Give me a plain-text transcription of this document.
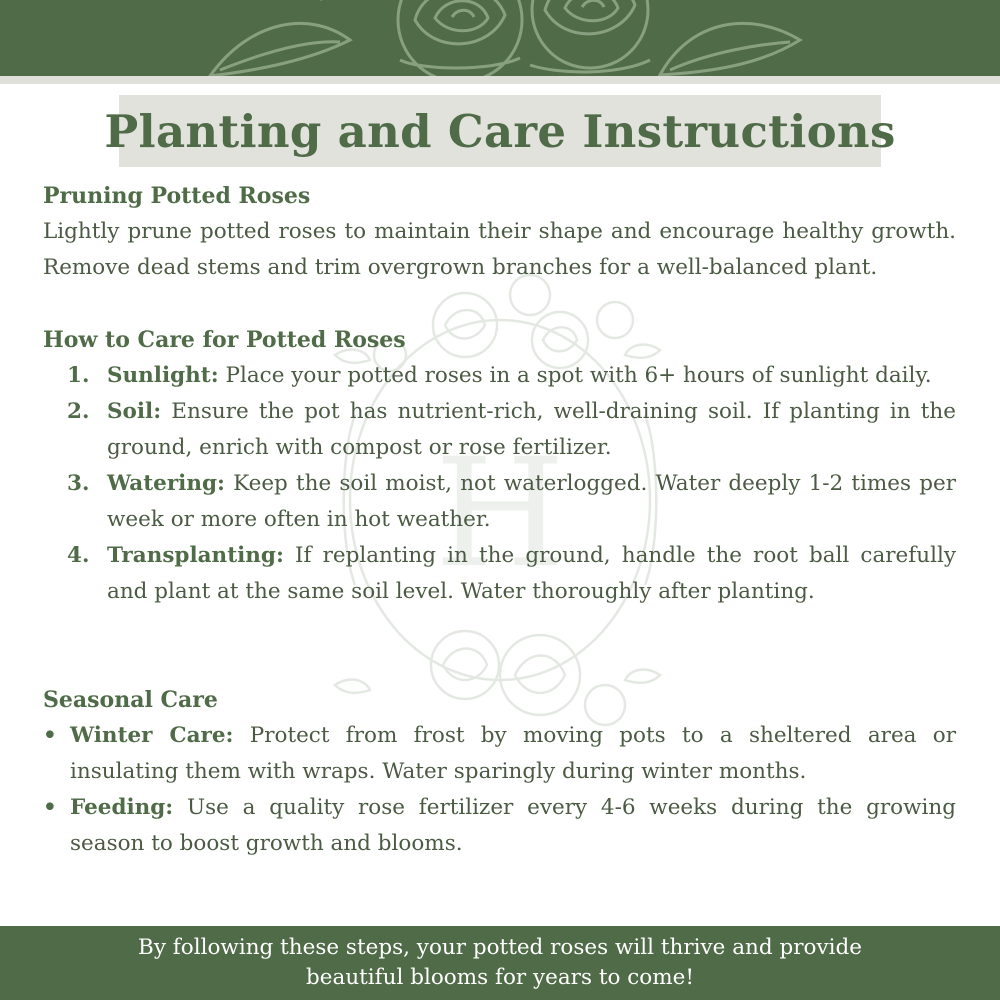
H
Planting and Care Instructions
Pruning Potted Roses

Lightly prune potted roses to maintain their shape and encourage healthy growth. Remove dead stems and trim overgrown branches for a well-balanced plant.

How to Care for Potted Roses
1. Sunlight: Place your potted roses in a spot with 6+ hours of sunlight daily.
2. Soil: Ensure the pot has nutrient-rich, well-draining soil. If planting in the ground, enrich with compost or rose fertilizer.
3. Watering: Keep the soil moist, not waterlogged. Water deeply 1-2 times per week or more often in hot weather.
4. Transplanting: If replanting in the ground, handle the root ball carefully and plant at the same soil level. Water thoroughly after planting.
Seasonal Care
• Winter Care: Protect from frost by moving pots to a sheltered area or insulating them with wraps. Water sparingly during winter months.
• Feeding: Use a quality rose fertilizer every 4-6 weeks during the growing season to boost growth and blooms.

By following these steps, your potted roses will thrive and provide
beautiful blooms for years to come!
